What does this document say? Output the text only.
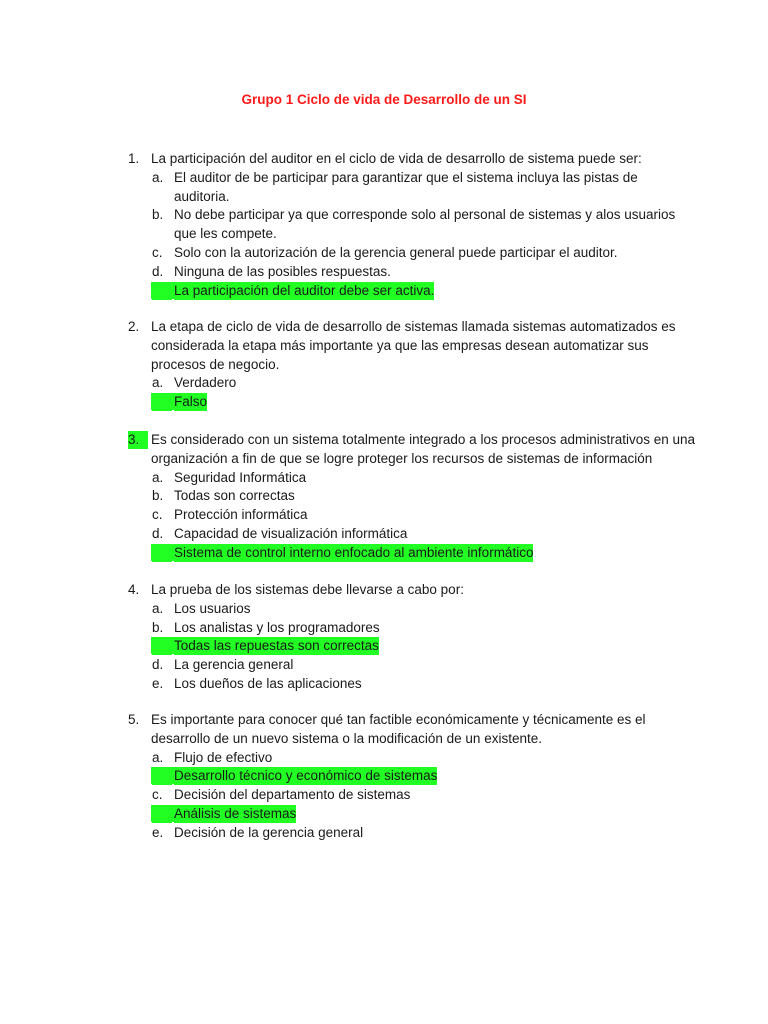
Grupo 1 Ciclo de vida de Desarrollo de un SI
1. La participación del auditor en el ciclo de vida de desarrollo de sistema puede ser:
a. El auditor de be participar para garantizar que el sistema incluya las pistas de
auditoria.
b. No debe participar ya que corresponde solo al personal de sistemas y alos usuarios
que les compete.
c. Solo con la autorización de la gerencia general puede participar el auditor.
d. Ninguna de las posibles respuestas.
La participación del auditor debe ser activa.
2. La etapa de ciclo de vida de desarrollo de sistemas llamada sistemas automatizados es
considerada la etapa más importante ya que las empresas desean automatizar sus
procesos de negocio.
a. Verdadero
Falso
3. Es considerado con un sistema totalmente integrado a los procesos administrativos en una
organización a fin de que se logre proteger los recursos de sistemas de información
a. Seguridad Informática
b. Todas son correctas
c. Protección informática
d. Capacidad de visualización informática
Sistema de control interno enfocado al ambiente informático
4. La prueba de los sistemas debe llevarse a cabo por:
a. Los usuarios
b. Los analistas y los programadores
Todas las repuestas son correctas
d. La gerencia general
e. Los dueños de las aplicaciones
5. Es importante para conocer qué tan factible económicamente y técnicamente es el
desarrollo de un nuevo sistema o la modificación de un existente.
a. Flujo de efectivo
Desarrollo técnico y económico de sistemas
c. Decisión del departamento de sistemas
Análisis de sistemas
e. Decisión de la gerencia general
